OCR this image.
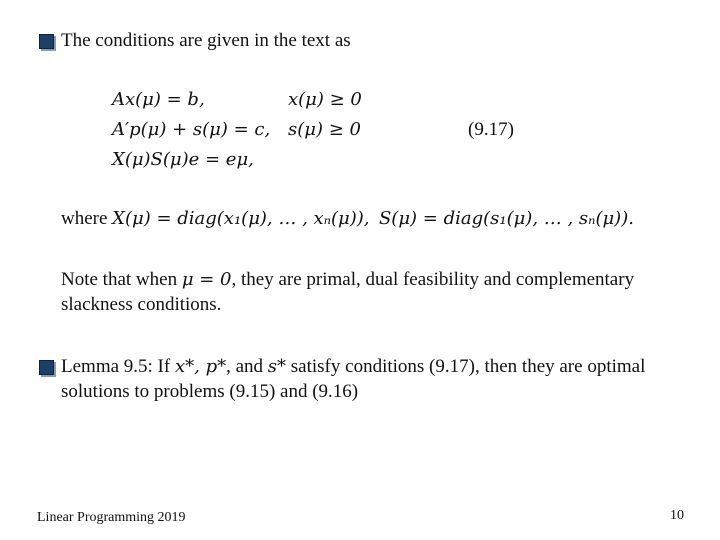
The conditions are given in the text as
Ax(μ) = b,	x(μ) ≥ 0
A′p(μ) + s(μ) = c, s(μ) ≥ 0	(9.17)
X(μ)S(μ)e = eμ,
where X(μ) = diag(x₁(μ), … , xₙ(μ)), S(μ) = diag(s₁(μ), … , sₙ(μ)).
Note that when μ = 0, they are primal, dual feasibility and complementary
slackness conditions.
Lemma 9.5: If x*, p*, and s* satisfy conditions (9.17), then they are optimal
solutions to problems (9.15) and (9.16)
Linear Programming 2019	10
